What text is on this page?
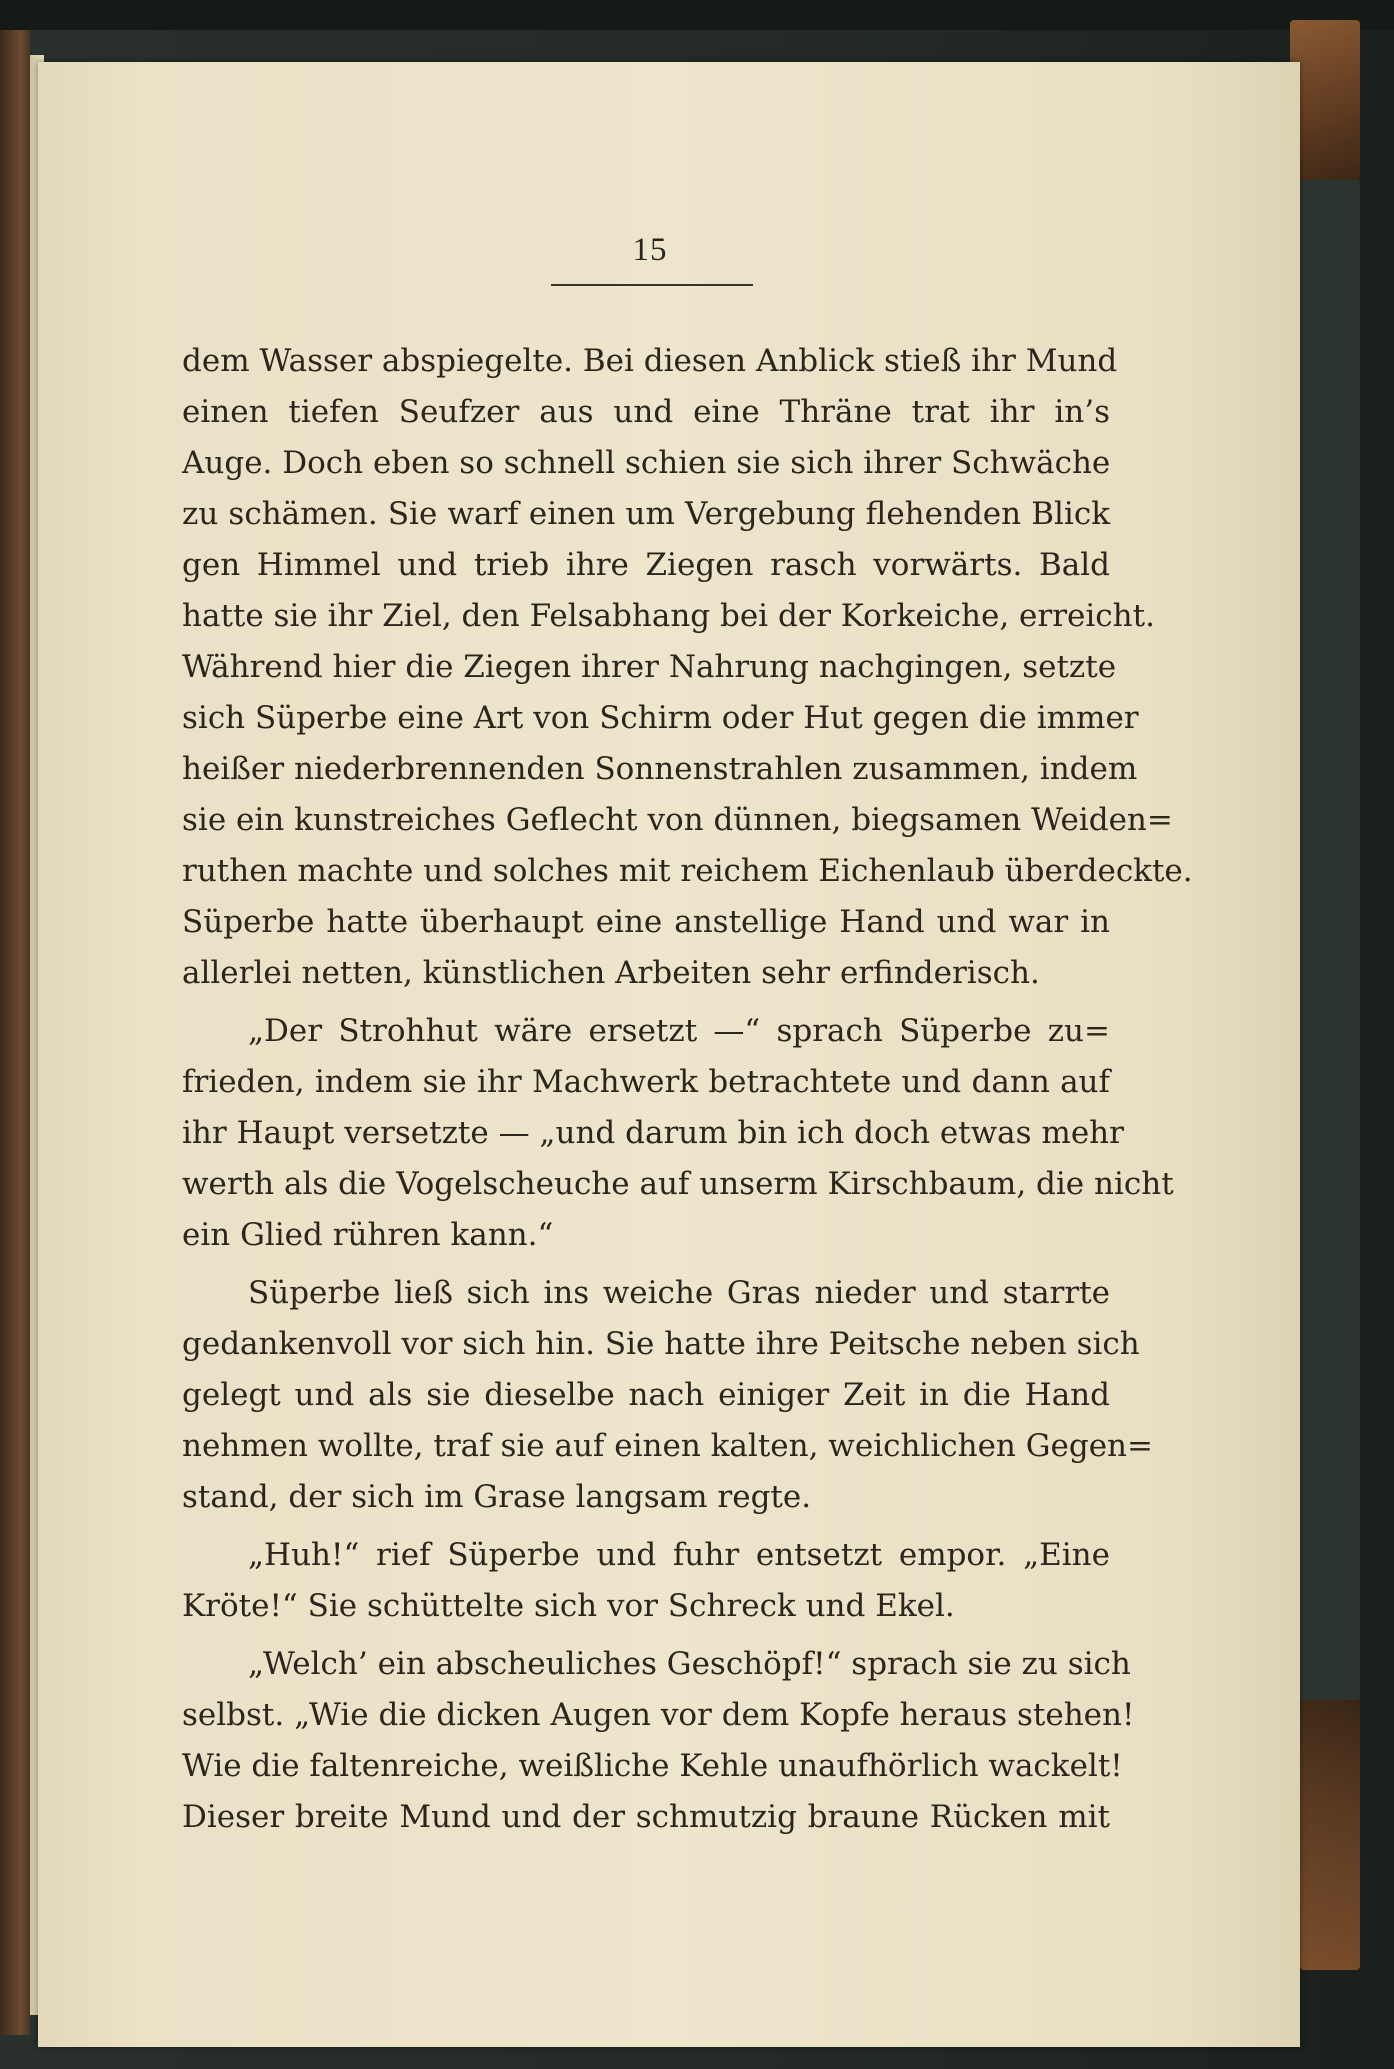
15
dem Wasser abspiegelte. Bei diesen Anblick stieß ihr Mund
einen tiefen Seufzer aus und eine Thräne trat ihr in’s
Auge. Doch eben so schnell schien sie sich ihrer Schwäche
zu schämen. Sie warf einen um Vergebung flehenden Blick
gen Himmel und trieb ihre Ziegen rasch vorwärts. Bald
hatte sie ihr Ziel, den Felsabhang bei der Korkeiche, erreicht.
Während hier die Ziegen ihrer Nahrung nachgingen, setzte
sich Süperbe eine Art von Schirm oder Hut gegen die immer
heißer niederbrennenden Sonnenstrahlen zusammen, indem
sie ein kunstreiches Geflecht von dünnen, biegsamen Weiden=
ruthen machte und solches mit reichem Eichenlaub überdeckte.
Süperbe hatte überhaupt eine anstellige Hand und war in
allerlei netten, künstlichen Arbeiten sehr erfinderisch.
„Der Strohhut wäre ersetzt —“ sprach Süperbe zu=
frieden, indem sie ihr Machwerk betrachtete und dann auf
ihr Haupt versetzte — „und darum bin ich doch etwas mehr
werth als die Vogelscheuche auf unserm Kirschbaum, die nicht
ein Glied rühren kann.“
Süperbe ließ sich ins weiche Gras nieder und starrte
gedankenvoll vor sich hin. Sie hatte ihre Peitsche neben sich
gelegt und als sie dieselbe nach einiger Zeit in die Hand
nehmen wollte, traf sie auf einen kalten, weichlichen Gegen=
stand, der sich im Grase langsam regte.
„Huh!“ rief Süperbe und fuhr entsetzt empor. „Eine
Kröte!“ Sie schüttelte sich vor Schreck und Ekel.
„Welch’ ein abscheuliches Geschöpf!“ sprach sie zu sich
selbst. „Wie die dicken Augen vor dem Kopfe heraus stehen!
Wie die faltenreiche, weißliche Kehle unaufhörlich wackelt!
Dieser breite Mund und der schmutzig braune Rücken mit
